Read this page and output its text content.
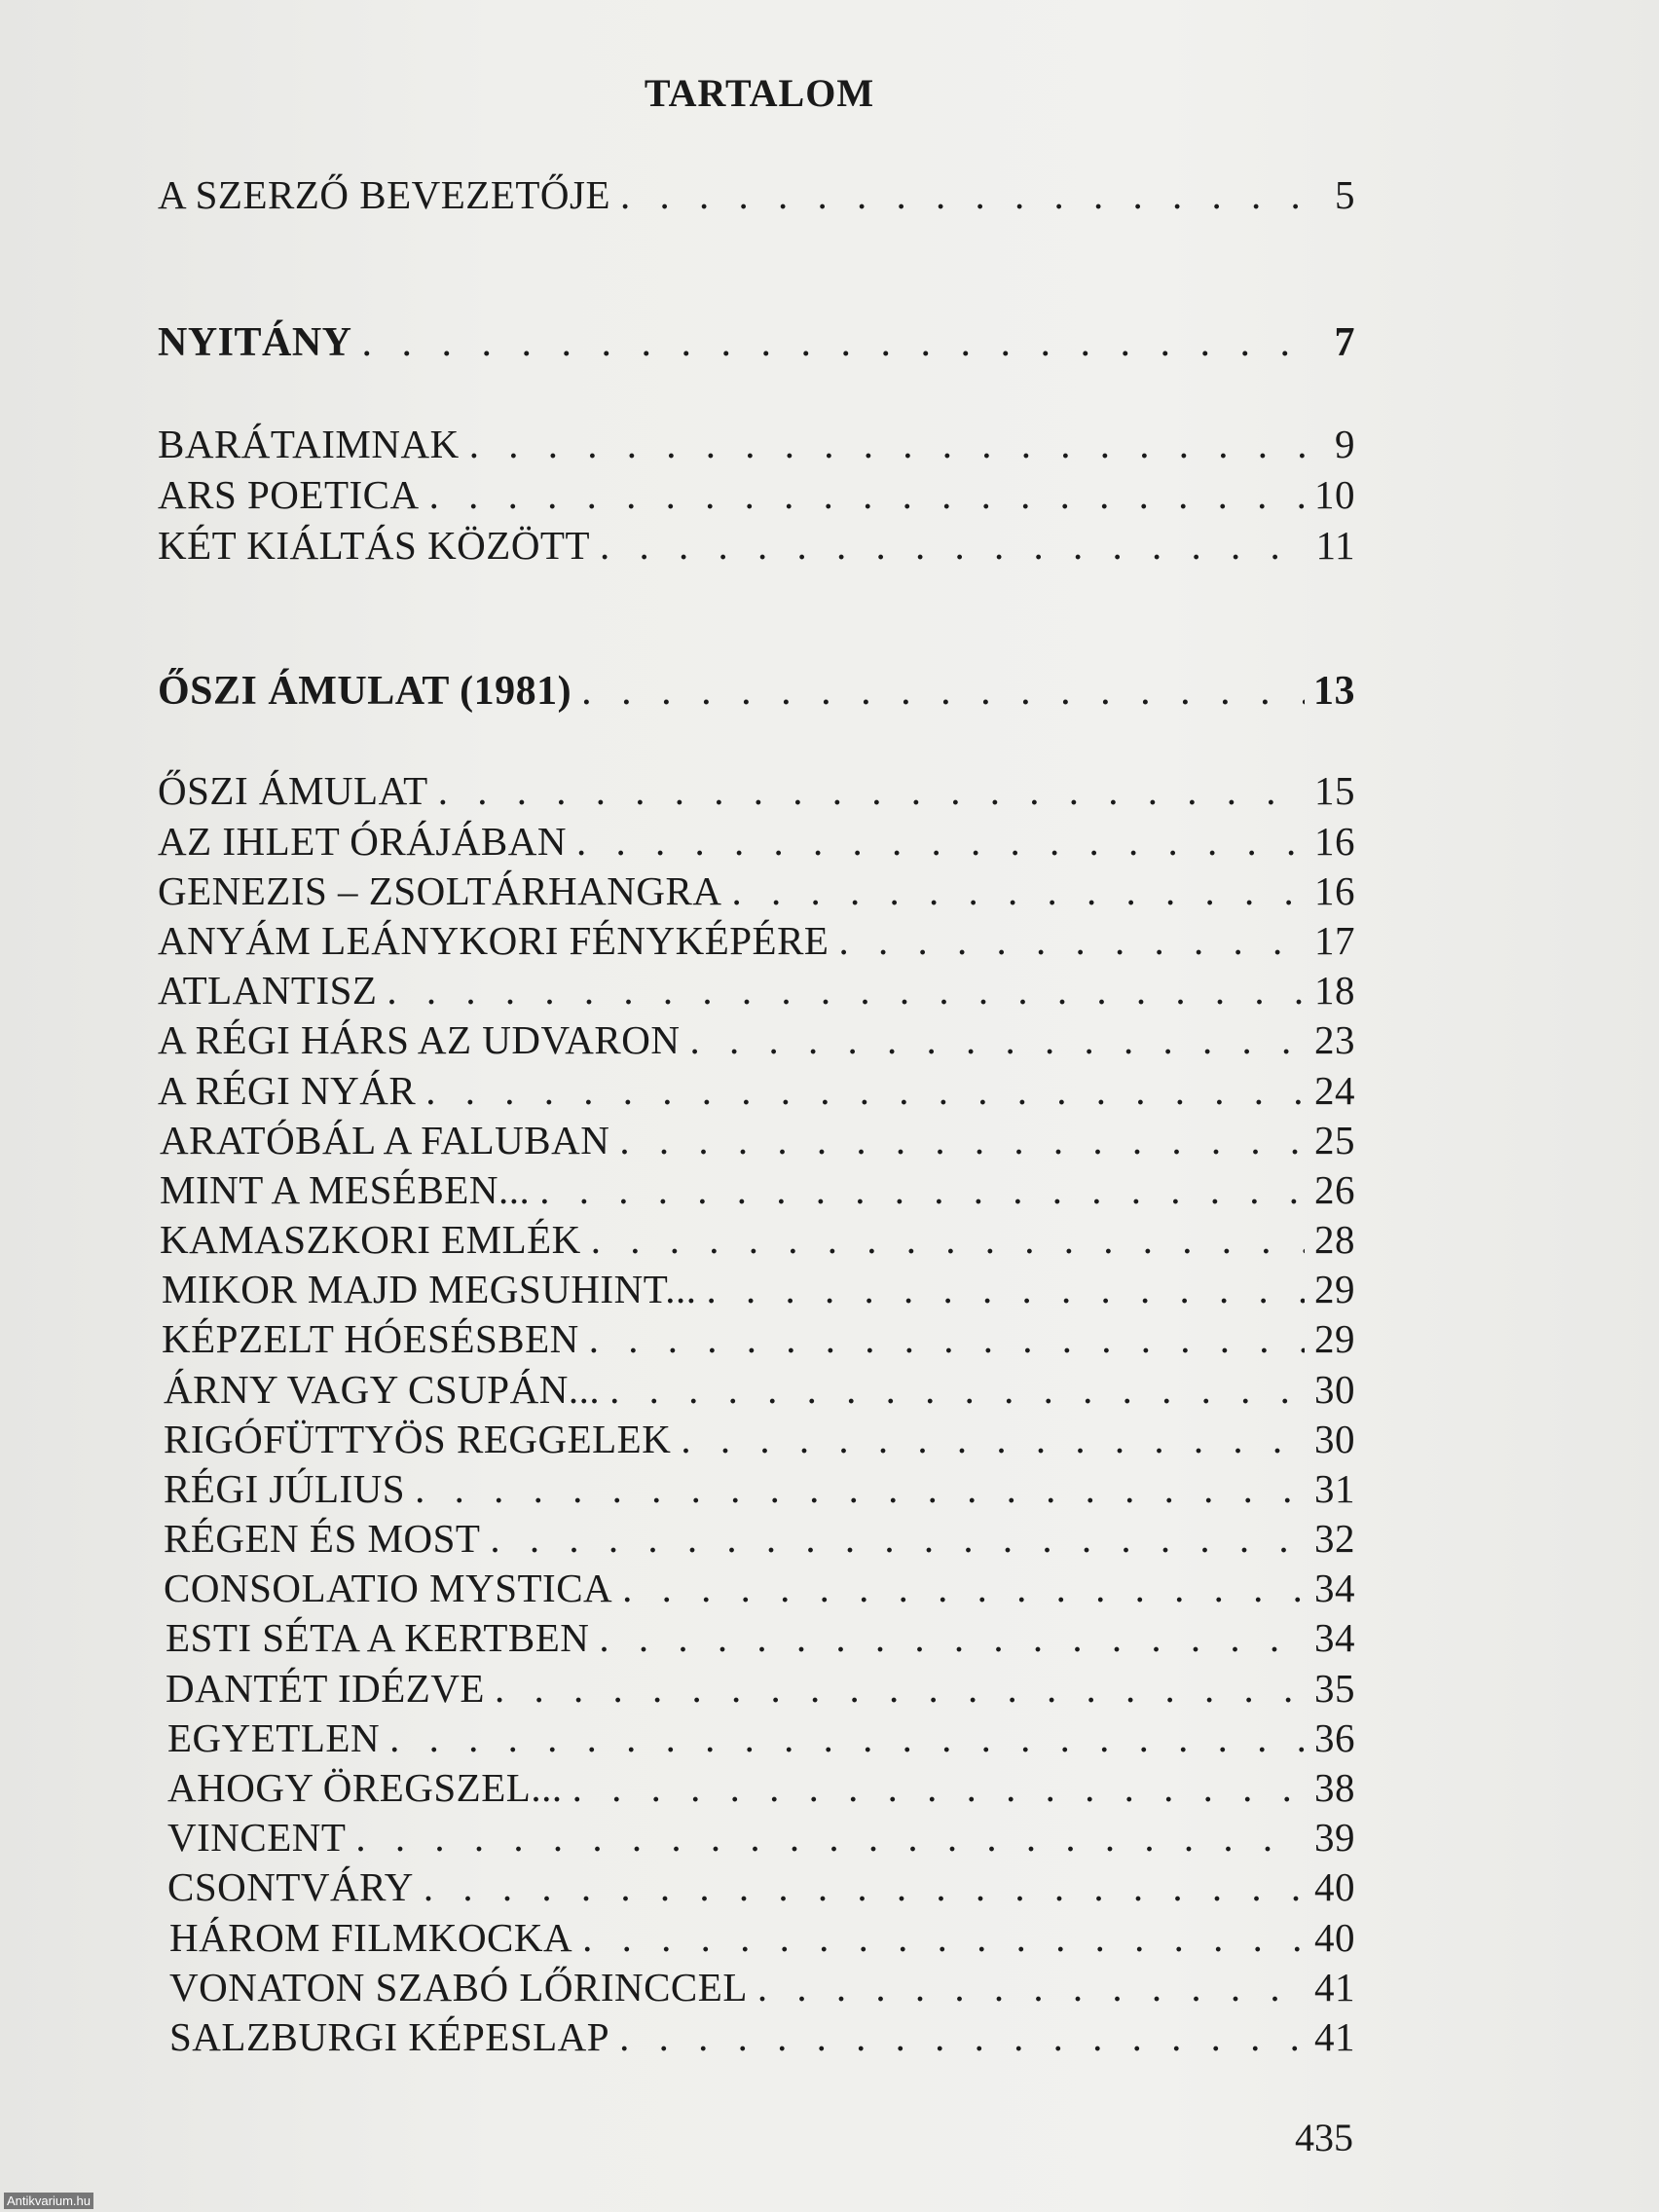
TARTALOM
A SZERZŐ BEVEZETŐJE . . .	5
NYITÁNY . . .	7
BARÁTAIMNAK . . .	9
ARS POETICA . . .	10
KÉT KIÁLTÁS KÖZÖTT . . .	11
ŐSZI ÁMULAT (1981) . . .	13
ŐSZI ÁMULAT . . .	15
AZ IHLET ÓRÁJÁBAN . . .	16
GENEZIS – ZSOLTÁRHANGRA . . .	16
ANYÁM LEÁNYKORI FÉNYKÉPÉRE . . .	17
ATLANTISZ . . .	18
A RÉGI HÁRS AZ UDVARON . . .	23
A RÉGI NYÁR . . .	24
ARATÓBÁL A FALUBAN . . .	25
MINT A MESÉBEN... . . .	26
KAMASZKORI EMLÉK . . .	28
MIKOR MAJD MEGSUHINT... . . .	29
KÉPZELT HÓESÉSBEN . . .	29
ÁRNY VAGY CSUPÁN... . . .	30
RIGÓFÜTTYÖS REGGELEK . . .	30
RÉGI JÚLIUS . . .	31
RÉGEN ÉS MOST . . .	32
CONSOLATIO MYSTICA . . .	34
ESTI SÉTA A KERTBEN . . .	34
DANTÉT IDÉZVE . . .	35
EGYETLEN . . .	36
AHOGY ÖREGSZEL... . . .	38
VINCENT . . .	39
CSONTVÁRY . . .	40
HÁROM FILMKOCKA . . .	40
VONATON SZABÓ LŐRINCCEL . . .	41
SALZBURGI KÉPESLAP . . .	41
435
Antikvarium.hu
